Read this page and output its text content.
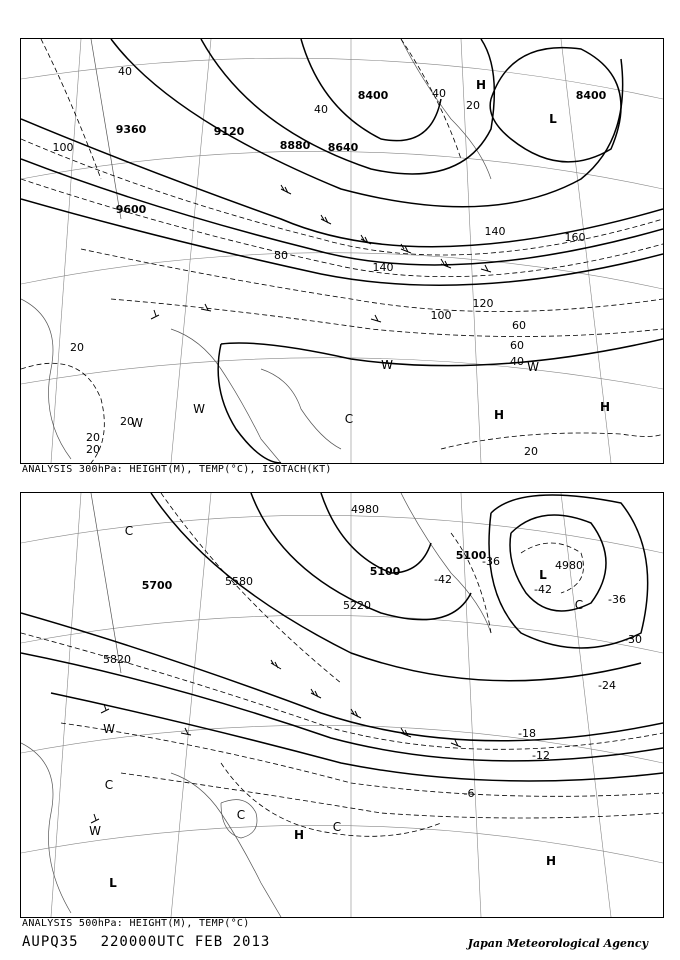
9360
9600
9120
8880 8640
8400	8400
40
40
40
60
80
100
100
120
140
140	160
20
20
40
60
20
20	20
20
H
L
H
H
C
W
W
W
W
ANALYSIS 300hPa: HEIGHT(M), TEMP(°C), ISOTACH(KT)
5700
5820
5220
5100
5100
4980
4980
5580	-42
-42
-36
-36
-30
-24
-18
-12
-6
C
C
L
L
C
W
W	H
H
C
C
ANALYSIS 500hPa: HEIGHT(M), TEMP(°C)
AUPQ35 220000UTC FEB 2013	Japan Meteorological Agency
